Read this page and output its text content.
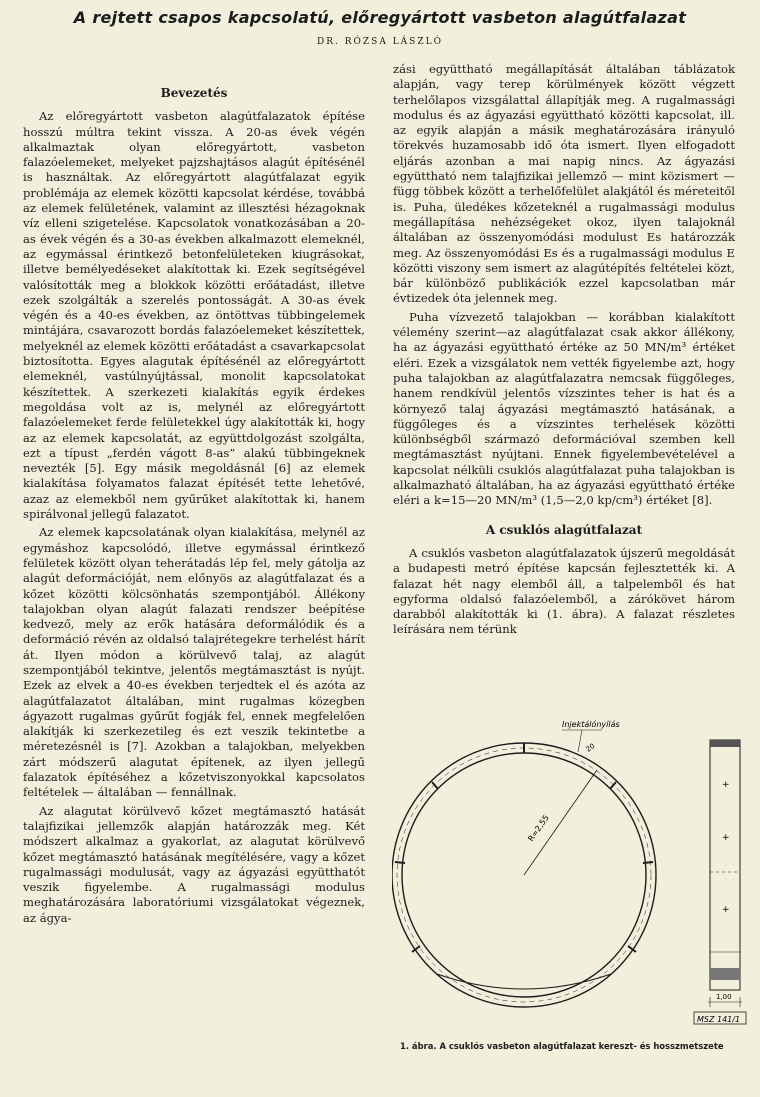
A rejtett csapos kapcsolatú, előregyártott vasbeton alagútfalazat
DR. RÓZSA LÁSZLÓ
Bevezetés

Az előregyártott vasbeton alagútfalazatok építése hosszú múltra tekint vissza. A 20-as évek végén alkalmaztak olyan előregyártott, vasbeton falazóelemeket, melyeket pajzshajtásos alagút építésénél is használtak. Az előregyártott alagútfalazat egyik problémája az elemek közötti kapcsolat kérdése, továbbá az elemek felületének, valamint az illesztési hézagoknak víz elleni szigetelése. Kapcsolatok vonatkozásában a 20-as évek végén és a 30-as években alkalmazott elemeknél, az egymással érintkező betonfelületeken kiugrásokat, illetve bemélyedéseket alakítottak ki. Ezek segítségével valósították meg a blokkok közötti erőátadást, illetve ezek szolgálták a szerelés pontosságát. A 30-as évek végén és a 40-es években, az öntöttvas tübbingelemek mintájára, csavarozott bordás falazóelemeket készítettek, melyeknél az elemek közötti erőátadást a csavarkapcsolat biztosította. Egyes alagutak építésénél az előregyártott elemeknél, vastúlnyújtással, monolit kapcsolatokat készítettek. A szerkezeti kialakítás egyik érdekes megoldása volt az is, melynél az előregyártott falazóelemeket ferde felületekkel úgy alakították ki, hogy az az elemek kapcsolatát, az együttdolgozást szolgálta, ezt a típust „ferdén vágott 8-as” alakú tübbingeknek nevezték [5]. Egy másik megoldásnál [6] az elemek kialakítása folyamatos falazat építését tette lehetővé, azaz az elemekből nem gyűrűket alakítottak ki, hanem spirálvonal jellegű falazatot.

Az elemek kapcsolatának olyan kialakítása, melynél az egymáshoz kapcsolódó, illetve egymással érintkező felületek között olyan teherátadás lép fel, mely gátolja az alagút deformációját, nem előnyös az alagútfalazat és a kőzet közötti kölcsönhatás szempontjából. Állékony talajokban olyan alagút falazati rendszer beépítése kedvező, mely az erők hatására deformálódik és a deformáció révén az oldalsó talajrétegekre terhelést hárít át. Ilyen módon a körülvevő talaj, az alagút szempontjából tekintve, jelentős megtámasztást is nyújt. Ezek az elvek a 40-es években terjedtek el és azóta az alagútfalazatot általában, mint rugalmas közegben ágyazott rugalmas gyűrűt fogják fel, ennek megfelelően alakítják ki szerkezetileg és ezt veszik tekintetbe a méretezésnél is [7]. Azokban a talajokban, melyekben zárt módszerű alagutat építenek, az ilyen jellegű falazatok építéséhez a kőzetviszonyokkal kapcsolatos feltételek — általában — fennállnak.

Az alagutat körülvevő kőzet megtámasztó hatását talajfizikai jellemzők alapján határozzák meg. Két módszert alkalmaz a gyakorlat, az alagutat körülvevő kőzet megtámasztó hatásának megítélésére, vagy a kőzet rugalmassági modulusát, vagy az ágyazási együtthatót veszik figyelembe. A rugalmassági modulus meghatározására laboratóriumi vizsgálatokat végeznek, az ágya-

zási együttható megállapítását általában táblázatok alapján, vagy terep körülmények között végzett terhelőlapos vizsgálattal állapítják meg. A rugalmassági modulus és az ágyazási együttható közötti kapcsolat, ill. az egyik alapján a másik meghatározására irányuló törekvés huzamosabb idő óta ismert. Ilyen elfogadott eljárás azonban a mai napig nincs. Az ágyazási együttható nem talajfizikai jellemző — mint közismert — függ többek között a terhelőfelület alakjától és méreteitől is. Puha, üledékes kőzeteknél a rugalmassági modulus megállapítása nehézségeket okoz, ilyen talajoknál általában az összenyomódási modulust Es határozzák meg. Az összenyomódási Es és a rugalmassági modulus E közötti viszony sem ismert az alagútépítés feltételei közt, bár különböző publikációk ezzel kapcsolatban már évtizedek óta jelennek meg.

Puha vízvezető talajokban — korábban kialakított vélemény szerint—az alagútfalazat csak akkor állékony, ha az ágyazási együttható értéke az 50 MN/m³ értéket eléri. Ezek a vizsgálatok nem vették figyelembe azt, hogy puha talajokban az alagútfalazatra nemcsak függőleges, hanem rendkívül jelentős vízszintes teher is hat és a környező talaj ágyazási megtámasztó hatásának, a függőleges és a vízszintes terhelések közötti különbségből származó deformációval szemben kell megtámasztást nyújtani. Ennek figyelembevételével a kapcsolat nélküli csuklós alagútfalazat puha talajokban is alkalmazható általában, ha az ágyazási együttható értéke eléri a k=15—20 MN/m³ (1,5—2,0 kp/cm³) értéket [8].

A csuklós alagútfalazat

A csuklós vasbeton alagútfalazatok újszerű megoldását a budapesti metró építése kapcsán fejlesztették ki. A falazat hét nagy elemből áll, a talpelemből és hat egyforma oldalsó falazóelemből, a zárókövet három darabból alakították ki (1. ábra). A falazat részletes leírására nem térünk

R=2,55
20
Injektálónyílás
+
+
+
1,00
MSZ 141/1
1. ábra. A csuklós vasbeton alagútfalazat kereszt- és hosszmetszete
